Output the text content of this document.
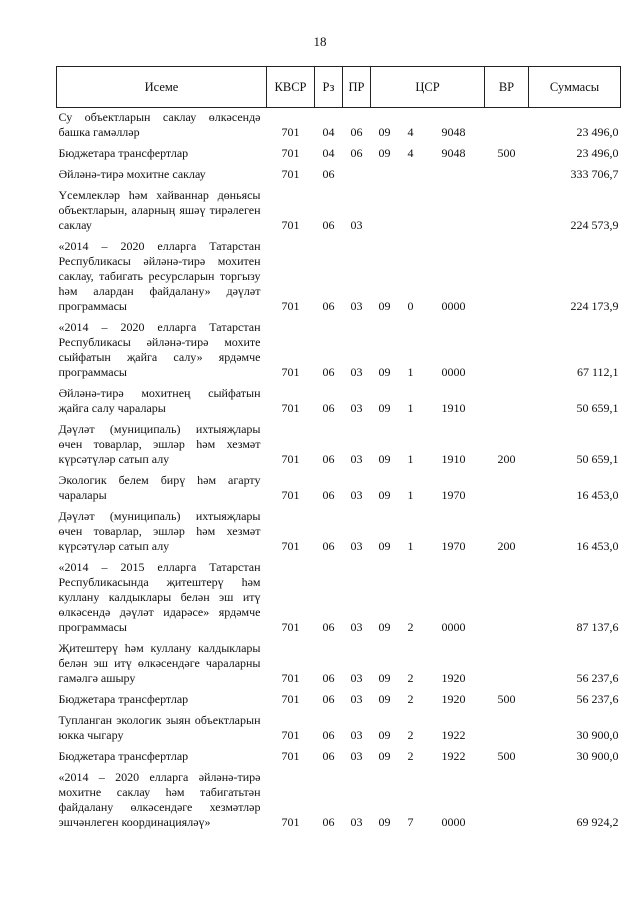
18
Исеме	КВСР	Рз	ПР	ЦСР			ВР	Суммасы
Су объектларын саклау өлкәсендә башка гамәлләр	701	04	06	09	4	9048		23 496,0
Бюджетара трансфертлар	701	04	06	09	4	9048	500	23 496,0
Әйләнә-тирә мохитне саклау	701	06						333 706,7
Үсемлекләр һәм хайваннар дөньясы объектларын, аларның яшәү тирәлеген саклау	701	06	03					224 573,9
«2014 – 2020 елларга Татарстан Республикасы әйләнә-тирә мохитен саклау, табигать ресурсларын торгызу һәм алардан файдалану» дәүләт программасы	701	06	03	09	0	0000		224 173,9
«2014 – 2020 елларга Татарстан Республикасы әйләнә-тирә мохите сыйфатын җайга салу» ярдәмче программасы	701	06	03	09	1	0000		67 112,1
Әйләнә-тирә мохитнең сыйфатын җайга салу чаралары	701	06	03	09	1	1910		50 659,1
Дәүләт (муниципаль) ихтыяҗлары өчен товарлар, эшләр һәм хезмәт күрсәтүләр сатып алу	701	06	03	09	1	1910	200	50 659,1
Экологик белем бирү һәм агарту чаралары	701	06	03	09	1	1970		16 453,0
Дәүләт (муниципаль) ихтыяҗлары өчен товарлар, эшләр һәм хезмәт күрсәтүләр сатып алу	701	06	03	09	1	1970	200	16 453,0
«2014 – 2015 елларга Татарстан Республикасында җитештерү һәм куллану калдыклары белән эш итү өлкәсендә дәүләт идарәсе» ярдәмче программасы	701	06	03	09	2	0000		87 137,6
Җитештерү һәм куллану калдыклары белән эш итү өлкәсендәге чараларны гамәлгә ашыру	701	06	03	09	2	1920		56 237,6
Бюджетара трансфертлар	701	06	03	09	2	1920	500	56 237,6
Тупланган экологик зыян объектларын юкка чыгару	701	06	03	09	2	1922		30 900,0
Бюджетара трансфертлар	701	06	03	09	2	1922	500	30 900,0
«2014 – 2020 елларга әйләнә-тирә мохитне саклау һәм табигатьтән файдалану өлкәсендәге хезмәтләр эшчәнлеген координацияләү»	701	06	03	09	7	0000		69 924,2
